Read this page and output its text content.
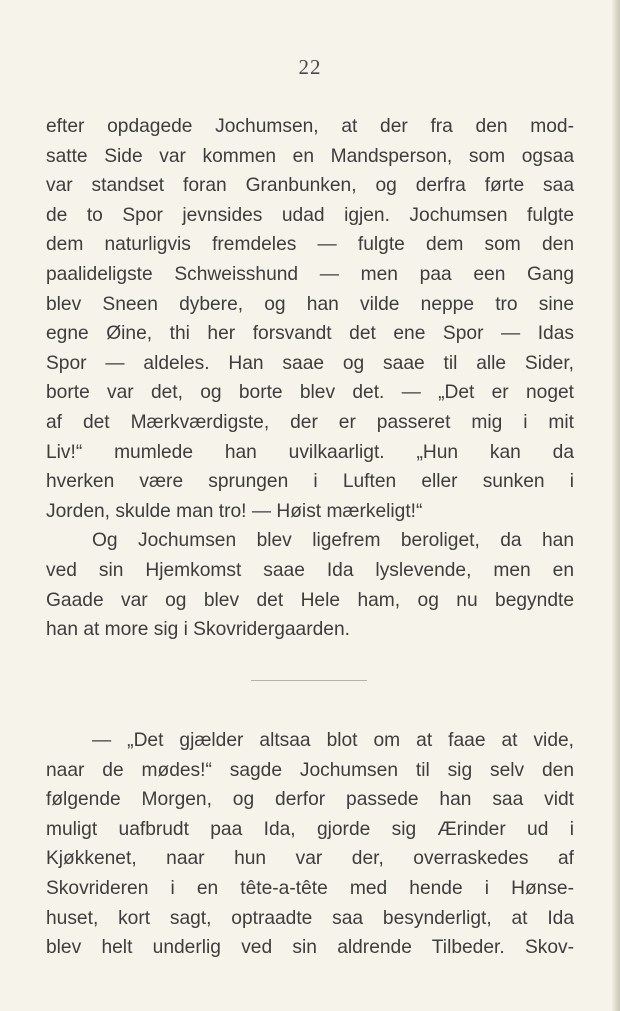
22
efter opdagede Jochumsen, at der fra den mod-
satte Side var kommen en Mandsperson, som ogsaa
var standset foran Granbunken, og derfra førte saa
de to Spor jevnsides udad igjen. Jochumsen fulgte
dem naturligvis fremdeles — fulgte dem som den
paalideligste Schweisshund — men paa een Gang
blev Sneen dybere, og han vilde neppe tro sine
egne Øine, thi her forsvandt det ene Spor — Idas
Spor — aldeles. Han saae og saae til alle Sider,
borte var det, og borte blev det. — „Det er noget
af det Mærkværdigste, der er passeret mig i mit
Liv!“ mumlede han uvilkaarligt. „Hun kan da
hverken være sprungen i Luften eller sunken i
Jorden, skulde man tro! — Høist mærkeligt!“
Og Jochumsen blev ligefrem beroliget, da han
ved sin Hjemkomst saae Ida lyslevende, men en
Gaade var og blev det Hele ham, og nu begyndte
han at more sig i Skovridergaarden.
— „Det gjælder altsaa blot om at faae at vide,
naar de mødes!“ sagde Jochumsen til sig selv den
følgende Morgen, og derfor passede han saa vidt
muligt uafbrudt paa Ida, gjorde sig Ærinder ud i
Kjøkkenet, naar hun var der, overraskedes af
Skovrideren i en tête-a-tête med hende i Hønse-
huset, kort sagt, optraadte saa besynderligt, at Ida
blev helt underlig ved sin aldrende Tilbeder. Skov-
